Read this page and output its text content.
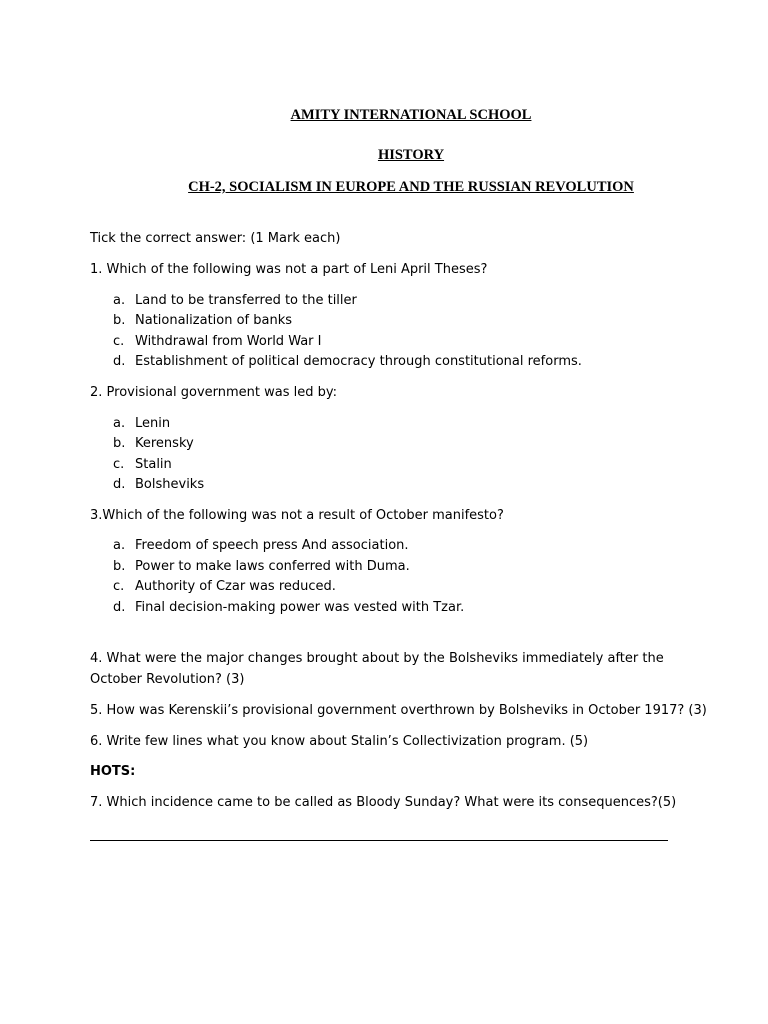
AMITY INTERNATIONAL SCHOOL
HISTORY
CH-2, SOCIALISM IN EUROPE AND THE RUSSIAN REVOLUTION
Tick the correct answer: (1 Mark each)
1. Which of the following was not a part of Leni April Theses?
a. Land to be transferred to the tiller
b. Nationalization of banks
c. Withdrawal from World War I
d. Establishment of political democracy through constitutional reforms.
2. Provisional government was led by:
a. Lenin
b. Kerensky
c. Stalin
d. Bolsheviks
3.Which of the following was not a result of October manifesto?
a. Freedom of speech press And association.
b. Power to make laws conferred with Duma.
c. Authority of Czar was reduced.
d. Final decision-making power was vested with Tzar.
4. What were the major changes brought about by the Bolsheviks immediately after the
October Revolution? (3)
5. How was Kerenskii’s provisional government overthrown by Bolsheviks in October 1917? (3)
6. Write few lines what you know about Stalin’s Collectivization program. (5)
HOTS:
7. Which incidence came to be called as Bloody Sunday? What were its consequences?(5)
